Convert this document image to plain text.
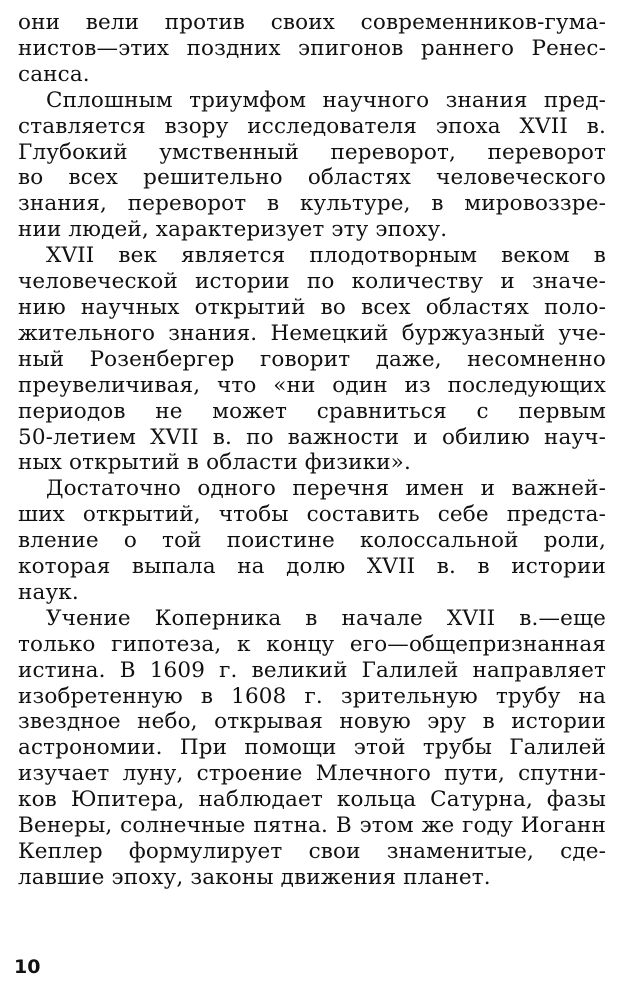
они вели против своих современников-гума-
нистов—этих поздних эпигонов раннего Ренес-
санса.

Сплошным триумфом научного знания пред-
ставляется взору исследователя эпоха XVII в.
Глубокий умственный переворот, переворот
во всех решительно областях человеческого
знания, переворот в культуре, в мировоззре-
нии людей, характеризует эту эпоху.

XVII век является плодотворным веком в
человеческой истории по количеству и значе-
нию научных открытий во всех областях поло-
жительного знания. Немецкий буржуазный уче-
ный Розенбергер говорит даже, несомненно
преувеличивая, что «ни один из последующих
периодов не может сравниться с первым
50-летием XVII в. по важности и обилию науч-
ных открытий в области физики».

Достаточно одного перечня имен и важней-
ших открытий, чтобы составить себе предста-
вление о той поистине колоссальной роли,
которая выпала на долю XVII в. в истории
наук.

Учение Коперника в начале XVII в.—еще
только гипотеза, к концу его—общепризнанная
истина. В 1609 г. великий Галилей направляет
изобретенную в 1608 г. зрительную трубу на
звездное небо, открывая новую эру в истории
астрономии. При помощи этой трубы Галилей
изучает луну, строение Млечного пути, спутни-
ков Юпитера, наблюдает кольца Сатурна, фазы
Венеры, солнечные пятна. В этом же году Иоганн
Кеплер формулирует свои знаменитые, сде-
лавшие эпоху, законы движения планет.

10
